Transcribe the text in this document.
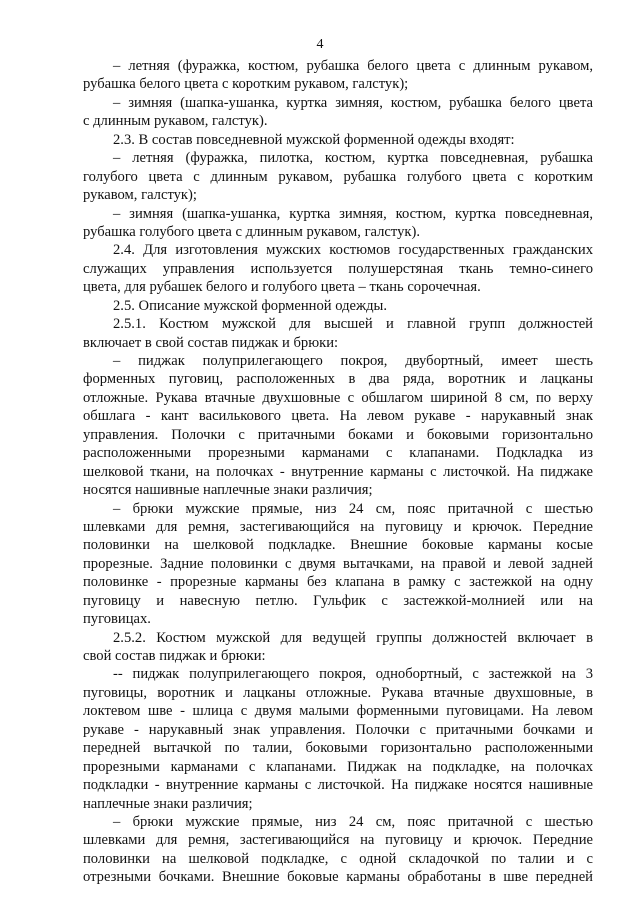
4
– летняя (фуражка, костюм, рубашка белого цвета с длинным рукавом,
рубашка белого цвета с коротким рукавом, галстук);
– зимняя (шапка-ушанка, куртка зимняя, костюм, рубашка белого цвета
с длинным рукавом, галстук).
2.3. В состав повседневной мужской форменной одежды входят:
– летняя (фуражка, пилотка, костюм, куртка повседневная, рубашка
голубого цвета с длинным рукавом, рубашка голубого цвета с коротким
рукавом, галстук);
– зимняя (шапка-ушанка, куртка зимняя, костюм, куртка повседневная,
рубашка голубого цвета с длинным рукавом, галстук).
2.4. Для изготовления мужских костюмов государственных гражданских
служащих управления используется полушерстяная ткань темно-синего
цвета, для рубашек белого и голубого цвета – ткань сорочечная.
2.5. Описание мужской форменной одежды.
2.5.1. Костюм мужской для высшей и главной групп должностей
включает в свой состав пиджак и брюки:
– пиджак полуприлегающего покроя, двубортный, имеет шесть
форменных пуговиц, расположенных в два ряда, воротник и лацканы
отложные. Рукава втачные двухшовные с обшлагом шириной 8 см, по верху
обшлага - кант василькового цвета. На левом рукаве - нарукавный знак
управления. Полочки с притачными боками и боковыми горизонтально
расположенными прорезными карманами с клапанами. Подкладка из
шелковой ткани, на полочках - внутренние карманы с листочкой. На пиджаке
носятся нашивные наплечные знаки различия;
– брюки мужские прямые, низ 24 см, пояс притачной с шестью
шлевками для ремня, застегивающийся на пуговицу и крючок. Передние
половинки на шелковой подкладке. Внешние боковые карманы косые
прорезные. Задние половинки с двумя вытачками, на правой и левой задней
половинке - прорезные карманы без клапана в рамку с застежкой на одну
пуговицу и навесную петлю. Гульфик с застежкой-молнией или на
пуговицах.
2.5.2. Костюм мужской для ведущей группы должностей включает в
свой состав пиджак и брюки:
-- пиджак полуприлегающего покроя, однобортный, с застежкой на 3
пуговицы, воротник и лацканы отложные. Рукава втачные двухшовные, в
локтевом шве - шлица с двумя малыми форменными пуговицами. На левом
рукаве - нарукавный знак управления. Полочки с притачными бочками и
передней вытачкой по талии, боковыми горизонтально расположенными
прорезными карманами с клапанами. Пиджак на подкладке, на полочках
подкладки - внутренние карманы с листочкой. На пиджаке носятся нашивные
наплечные знаки различия;
– брюки мужские прямые, низ 24 см, пояс притачной с шестью
шлевками для ремня, застегивающийся на пуговицу и крючок. Передние
половинки на шелковой подкладке, с одной складочкой по талии и с
отрезными бочками. Внешние боковые карманы обработаны в шве передней
